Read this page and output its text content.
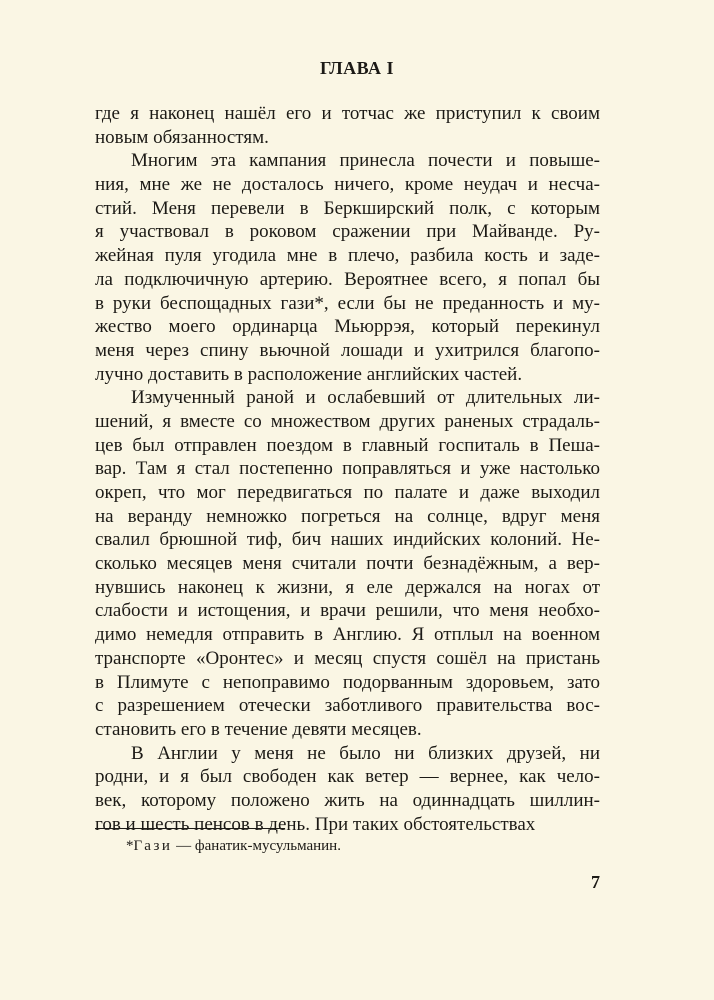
ГЛАВА I
где я наконец нашёл его и тотчас же приступил к своим
новым обязанностям.
Многим эта кампания принесла почести и повыше-
ния, мне же не досталось ничего, кроме неудач и несча-
стий. Меня перевели в Беркширский полк, с которым
я участвовал в роковом сражении при Майванде. Ру-
жейная пуля угодила мне в плечо, разбила кость и заде-
ла подключичную артерию. Вероятнее всего, я попал бы
в руки беспощадных гази*, если бы не преданность и му-
жество моего ординарца Мьюррэя, который перекинул
меня через спину вьючной лошади и ухитрился благопо-
лучно доставить в расположение английских частей.
Измученный раной и ослабевший от длительных ли-
шений, я вместе со множеством других раненых страдаль-
цев был отправлен поездом в главный госпиталь в Пеша-
вар. Там я стал постепенно поправляться и уже настолько
окреп, что мог передвигаться по палате и даже выходил
на веранду немножко погреться на солнце, вдруг меня
свалил брюшной тиф, бич наших индийских колоний. Не-
сколько месяцев меня считали почти безнадёжным, а вер-
нувшись наконец к жизни, я еле держался на ногах от
слабости и истощения, и врачи решили, что меня необхо-
димо немедля отправить в Англию. Я отплыл на военном
транспорте «Оронтес» и месяц спустя сошёл на пристань
в Плимуте с непоправимо подорванным здоровьем, зато
с разрешением отечески заботливого правительства вос-
становить его в течение девяти месяцев.
В Англии у меня не было ни близких друзей, ни
родни, и я был свободен как ветер — вернее, как чело-
век, которому положено жить на одиннадцать шиллин-
гов и шесть пенсов в день. При таких обстоятельствах
*Гази — фанатик-мусульманин.
7
